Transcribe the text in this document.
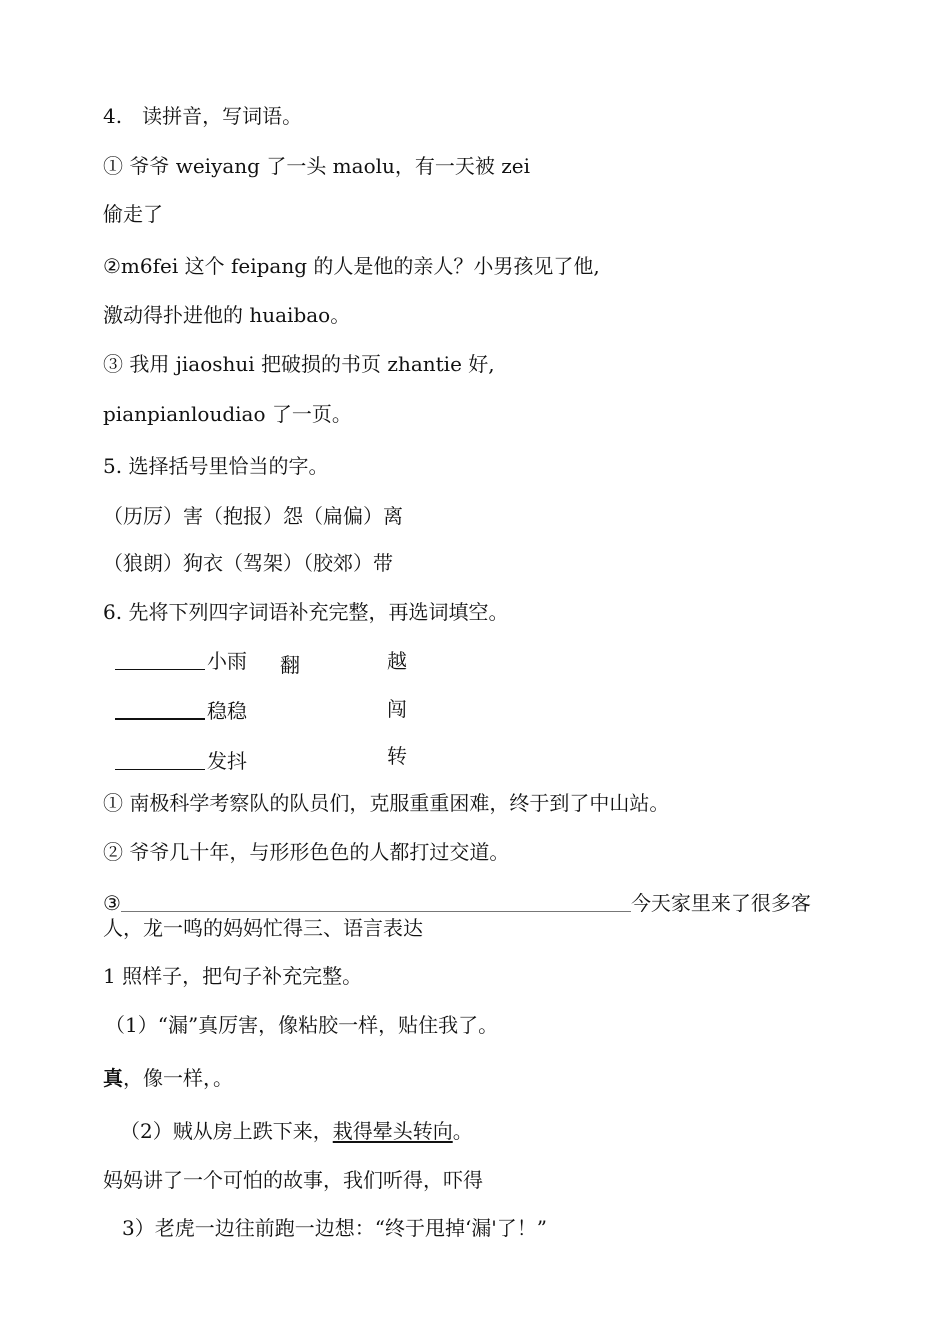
4.　读拼音，写词语。
① 爷爷 weiyang 了一头 maolu，有一天被 zei
偷走了
②m6fei 这个 feipang 的人是他的亲人？小男孩见了他,
激动得扑进他的 huaibao。
③ 我用 jiaoshui 把破损的书页 zhantie 好,
pianpianloudiao 了一页。
5. 选择括号里恰当的字。
（历厉）害（抱报）怨（扁偏）离
（狼朗）狗衣（驾架）（胶郊）带
6. 先将下列四字词语补充完整，再选词填空。
小雨
稳稳
发抖
翻	越
闯
转
① 南极科学考察队的队员们，克服重重困难，终于到了中山站。
② 爷爷几十年，与形形色色的人都打过交道。
③	今天家里来了很多客
人，龙一鸣的妈妈忙得三、语言表达
1 照样子，把句子补充完整。
（1）“漏”真厉害，像粘胶一样，贴住我了。
真，像一样，。
（2）贼从房上跌下来，栽得晕头转向。
妈妈讲了一个可怕的故事，我们听得，吓得
3）老虎一边往前跑一边想：“终于甩掉‘漏'了！”
